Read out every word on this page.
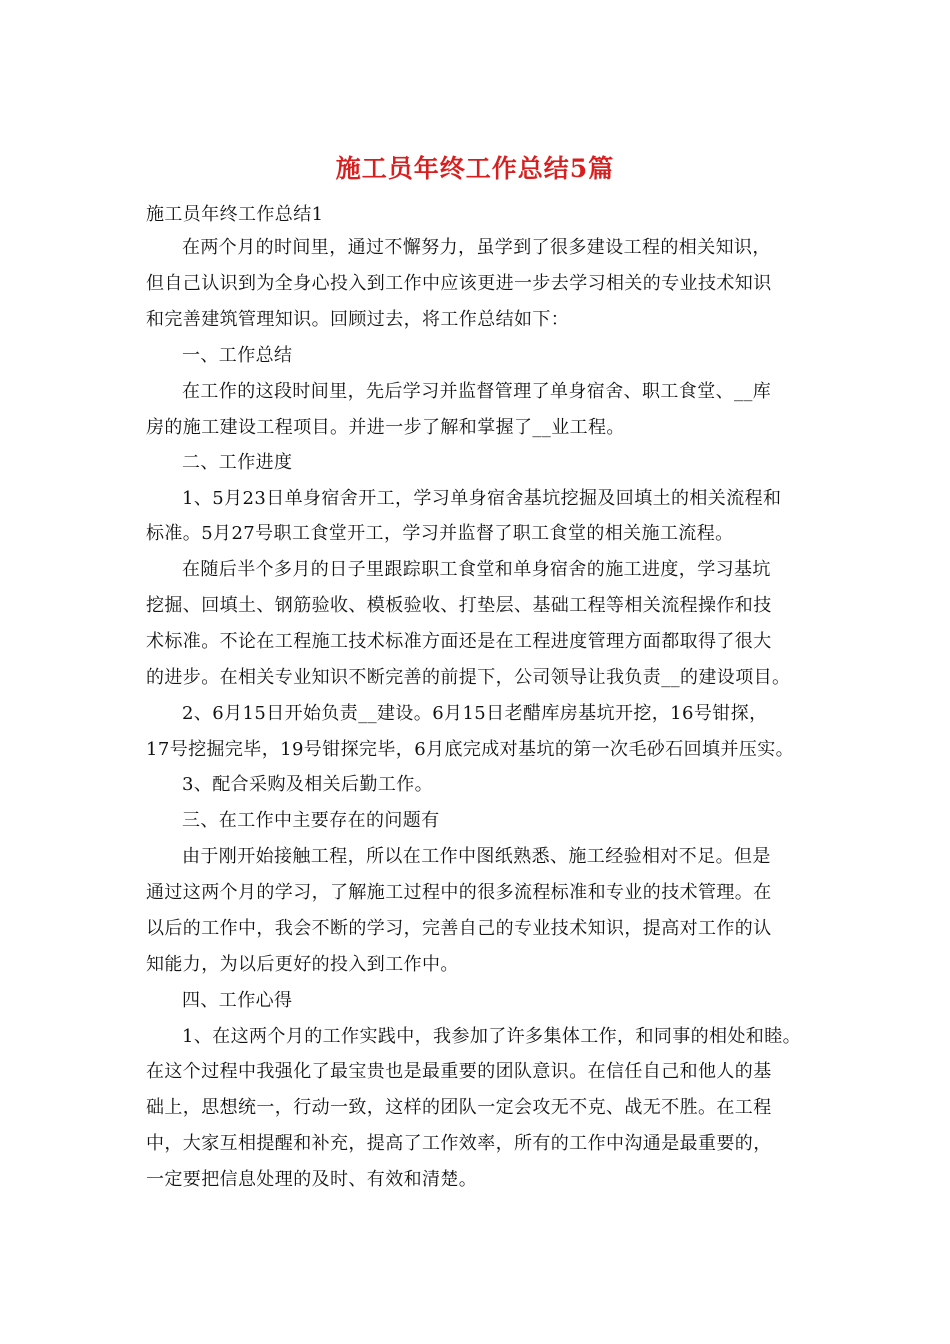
施工员年终工作总结5篇
施工员年终工作总结1
在两个月的时间里，通过不懈努力，虽学到了很多建设工程的相关知识，
但自己认识到为全身心投入到工作中应该更进一步去学习相关的专业技术知识
和完善建筑管理知识。回顾过去，将工作总结如下：
一、工作总结
在工作的这段时间里，先后学习并监督管理了单身宿舍、职工食堂、__库
房的施工建设工程项目。并进一步了解和掌握了__业工程。
二、工作进度
1、5月23日单身宿舍开工，学习单身宿舍基坑挖掘及回填土的相关流程和
标准。5月27号职工食堂开工，学习并监督了职工食堂的相关施工流程。
在随后半个多月的日子里跟踪职工食堂和单身宿舍的施工进度，学习基坑
挖掘、回填土、钢筋验收、模板验收、打垫层、基础工程等相关流程操作和技
术标准。不论在工程施工技术标准方面还是在工程进度管理方面都取得了很大
的进步。在相关专业知识不断完善的前提下，公司领导让我负责__的建设项目。
2、6月15日开始负责__建设。6月15日老醋库房基坑开挖，16号钳探，
17号挖掘完毕，19号钳探完毕，6月底完成对基坑的第一次毛砂石回填并压实。
3、配合采购及相关后勤工作。
三、在工作中主要存在的问题有
由于刚开始接触工程，所以在工作中图纸熟悉、施工经验相对不足。但是
通过这两个月的学习，了解施工过程中的很多流程标准和专业的技术管理。在
以后的工作中，我会不断的学习，完善自己的专业技术知识，提高对工作的认
知能力，为以后更好的投入到工作中。
四、工作心得
1、在这两个月的工作实践中，我参加了许多集体工作，和同事的相处和睦。
在这个过程中我强化了最宝贵也是最重要的团队意识。在信任自己和他人的基
础上，思想统一，行动一致，这样的团队一定会攻无不克、战无不胜。在工程
中，大家互相提醒和补充，提高了工作效率，所有的工作中沟通是最重要的，
一定要把信息处理的及时、有效和清楚。
